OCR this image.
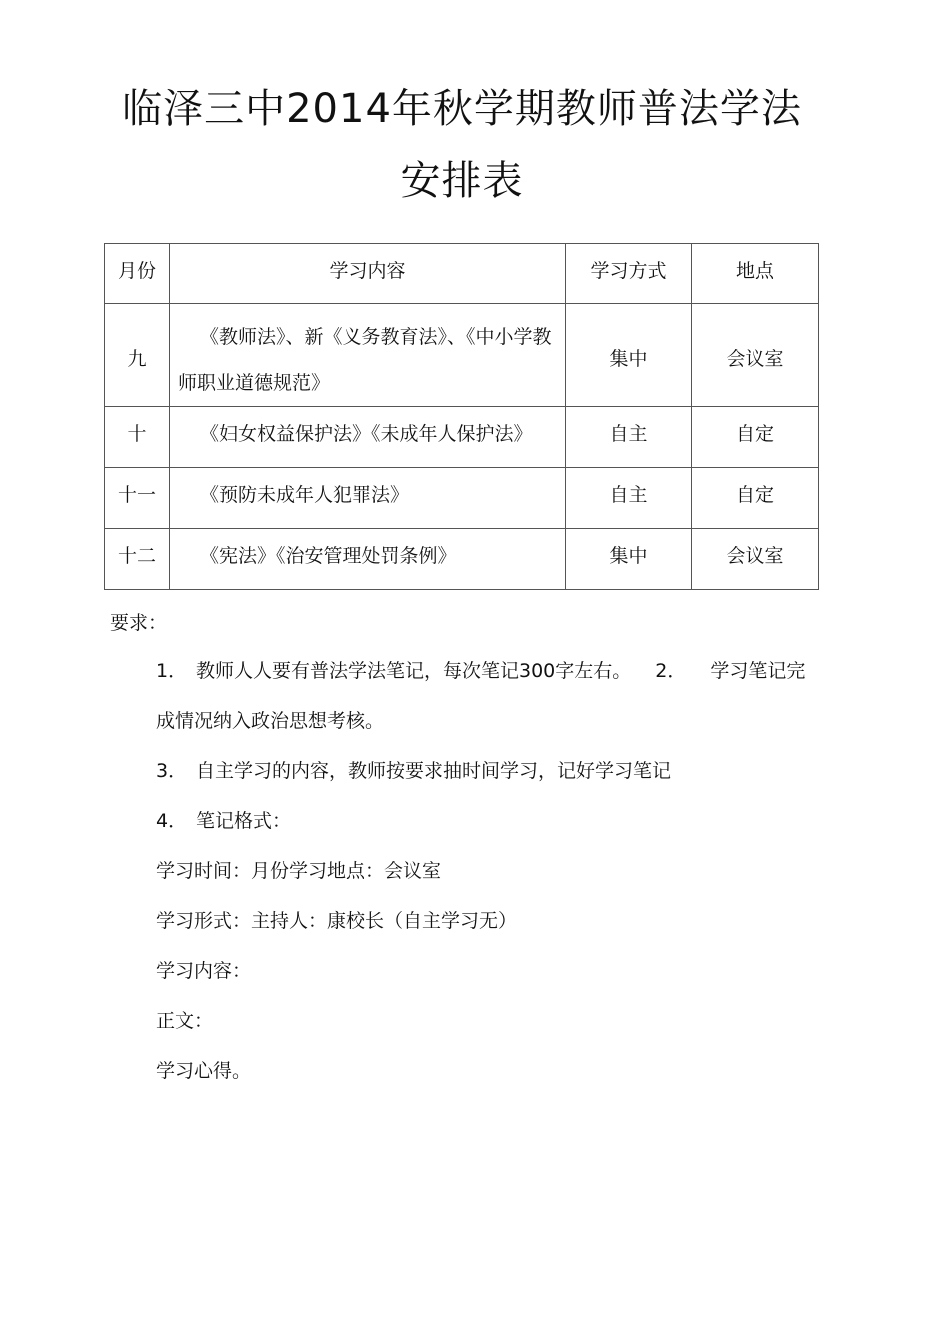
临泽三中2014年秋学期教师普法学法
安排表
月份	学习内容	学习方式	地点
九	《教师法》、新《义务教育法》、《中小学教师职业道德规范》	集中	会议室
十	《妇女权益保护法》《未成年人保护法》	自主	自定
十一	《预防未成年人犯罪法》	自主	自定
十二	《宪法》《治安管理处罚条例》	集中	会议室
要求：
1． 教师人人要有普法学法笔记，每次笔记300字左右。 2． 学习笔记完
成情况纳入政治思想考核。
3． 自主学习的内容，教师按要求抽时间学习，记好学习笔记
4． 笔记格式：
学习时间：月份学习地点：会议室
学习形式：主持人：康校长（自主学习无）
学习内容：
正文：
学习心得。
